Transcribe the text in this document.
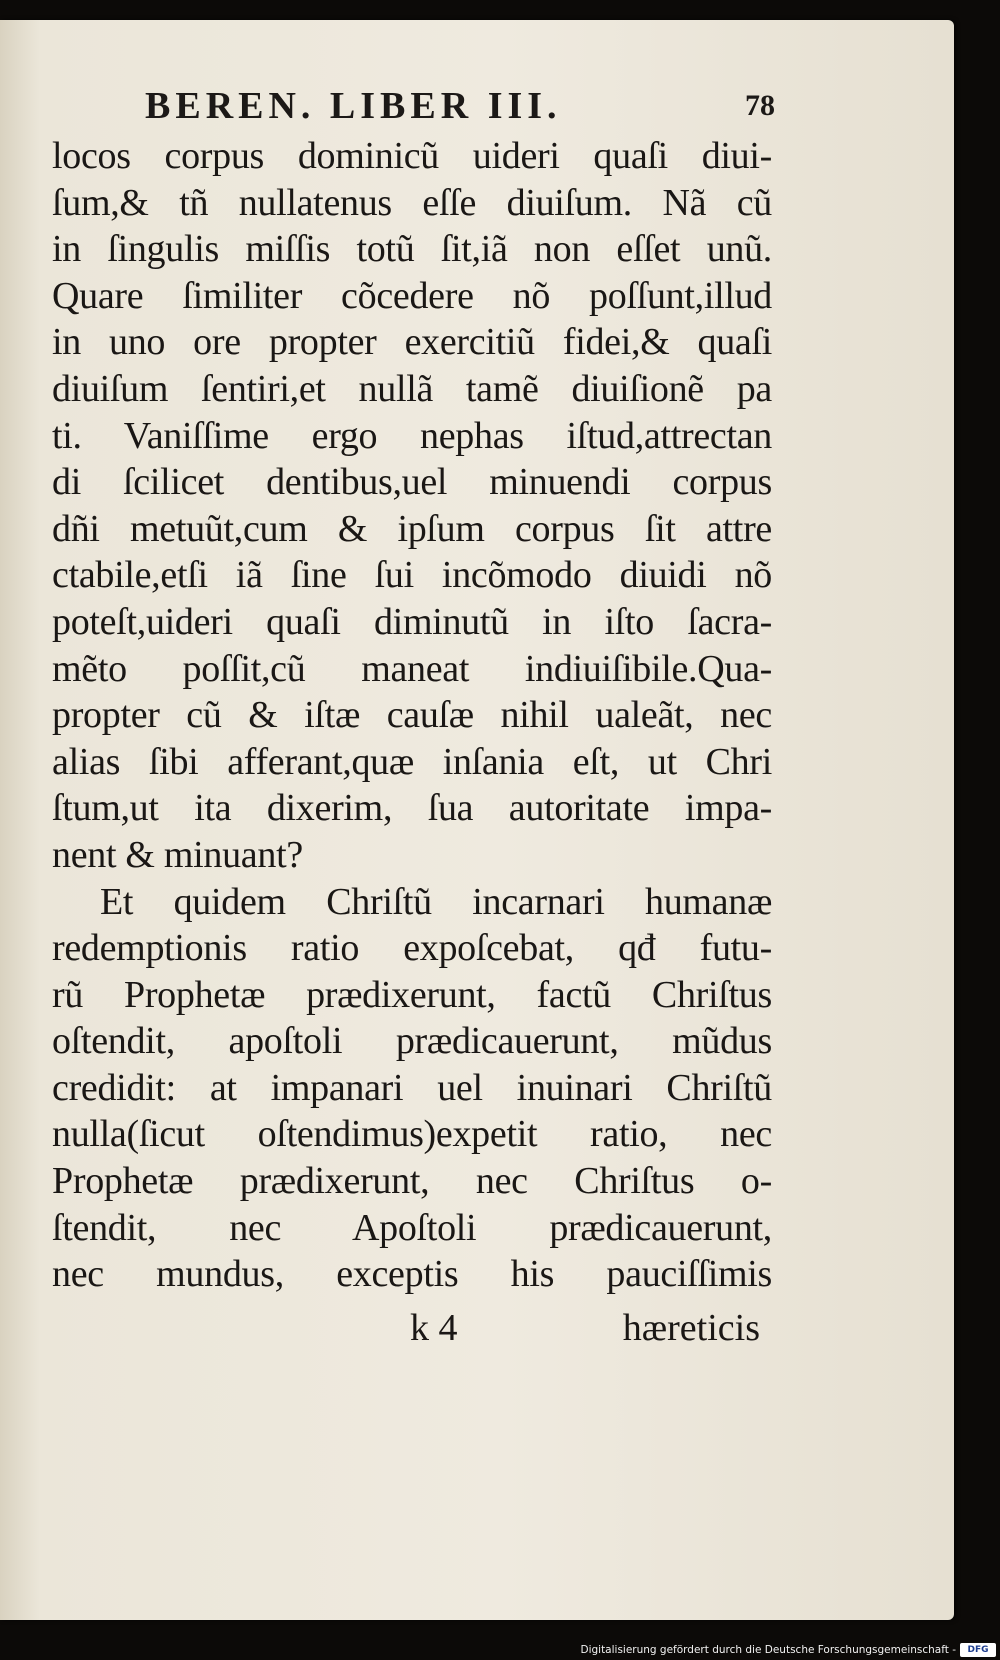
BEREN. LIBER III.	78
locos corpus dominicũ uideri quaſi diui-
ſum,& tñ nullatenus eſſe diuiſum. Nã cũ
in ſingulis miſſis totũ ſit,iã non eſſet unũ.
Quare ſimiliter cõcedere nõ poſſunt,illud
in uno ore propter exercitiũ fidei,& quaſi
diuiſum ſentiri,et nullã tamẽ diuiſionẽ pa
ti. Vaniſſime ergo nephas iſtud,attrectan
di ſcilicet dentibus,uel minuendi corpus
dñi metuũt,cum & ipſum corpus ſit attre
ctabile,etſi iã ſine ſui incõmodo diuidi nõ
poteſt,uideri quaſi diminutũ in iſto ſacra-
mẽto poſſit,cũ maneat indiuiſibile.Qua-
propter cũ & iſtæ cauſæ nihil ualeãt, nec
alias ſibi afferant,quæ inſania eſt, ut Chri
ſtum,ut ita dixerim, ſua autoritate impa-
nent & minuant?
Et quidem Chriſtũ incarnari humanæ
redemptionis ratio expoſcebat, qđ futu-
rũ Prophetæ prædixerunt, factũ Chriſtus
oſtendit, apoſtoli prædicauerunt, mũdus
credidit: at impanari uel inuinari Chriſtũ
nulla(ſicut oſtendimus)expetit ratio, nec
Prophetæ prædixerunt, nec Chriſtus o-
ſtendit, nec Apoſtoli prædicauerunt,
nec mundus, exceptis his pauciſſimis
k 4	hæreticis
Digitalisierung gefördert durch die Deutsche Forschungsgemeinschaft -	DFG
